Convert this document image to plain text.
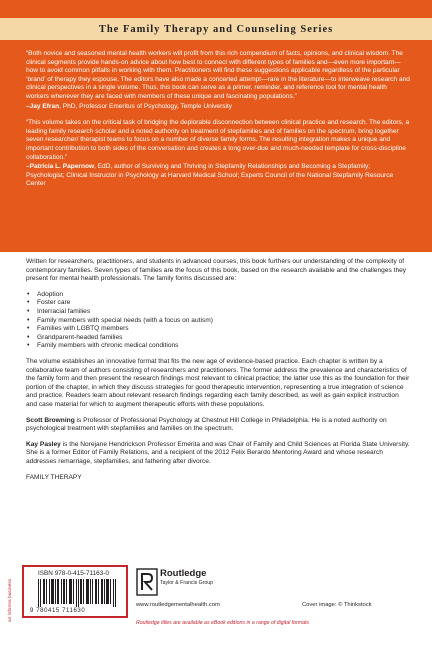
The Family Therapy and Counseling Series

“Both novice and seasoned mental health workers will profit from this rich compendium of facts, opinions, and clinical wisdom. The clinical segments provide hands-on advice about how best to connect with different types of families and—even more important—how to avoid common pitfalls in working with them. Practitioners will find these suggestions applicable regardless of the particular ‘brand’ of therapy they espouse. The editors have also made a concerted attempt—rare in the literature—to interweave research and clinical perspectives in a single volume. Thus, this book can serve as a primer, reminder, and reference tool for mental health workers whenever they are faced with members of these unique and fascinating populations.”

–Jay Efran, PhD, Professor Emeritus of Psychology, Temple University

“This volume takes on the critical task of bridging the deplorable disconnection between clinical practice and research. The editors, a leading family research scholar and a noted authority on treatment of stepfamilies and of families on the spectrum, bring together seven researcher/ therapist teams to focus on a number of diverse family forms. The resulting integration makes a unique and important contribution to both sides of the conversation and creates a long over-due and much-needed template for cross-discipline collaboration.”

–Patricia L. Papernow, EdD, author of Surviving and Thriving in Stepfamily Relationships and Becoming a Stepfamily; Psychologist; Clinical Instructor in Psychology at Harvard Medical School; Experts Council of the National Stepfamily Resource Center

Written for researchers, practitioners, and students in advanced courses, this book furthers our understanding of the complexity of contemporary families. Seven types of families are the focus of this book, based on the research available and the challenges they present for mental health professionals. The family forms discussed are:

• Adoption
• Foster care
• Interracial families
• Family members with special needs (with a focus on autism)
• Families with LGBTQ members
• Grandparent-headed families
• Family members with chronic medical conditions

The volume establishes an innovative format that fits the new age of evidence-based practice. Each chapter is written by a collaborative team of authors consisting of researchers and practitioners. The former address the prevalence and characteristics of the family form and then present the research findings most relevant to clinical practice; the latter use this as the foundation for their portion of the chapter, in which they discuss strategies for good therapeutic intervention, representing a true integration of science and practice. Readers learn about relevant research findings regarding each family described, as well as gain explicit instruction and case material for which to augment therapeutic efforts with these populations.

Scott Browning is Professor of Professional Psychology at Chestnut Hill College in Philadelphia. He is a noted authority on psychological treatment with stepfamilies and families on the spectrum.

Kay Pasley is the Norejane Hendrickson Professor Emerita and was Chair of Family and Child Sciences at Florida State University. She is a former Editor of Family Relations, and a recipient of the 2012 Felix Berardo Mentoring Award and whose research addresses remarriage, stepfamilies, and fathering after divorce.

FAMILY THERAPY

an informa business
ISBN 978-0-415-71163-0
9 780415 711630
Routledge
Taylor & Francis Group
www.routledgementalhealth.com	Cover image: © Thinkstock
Routledge titles are available as eBook editions in a range of digital formats
